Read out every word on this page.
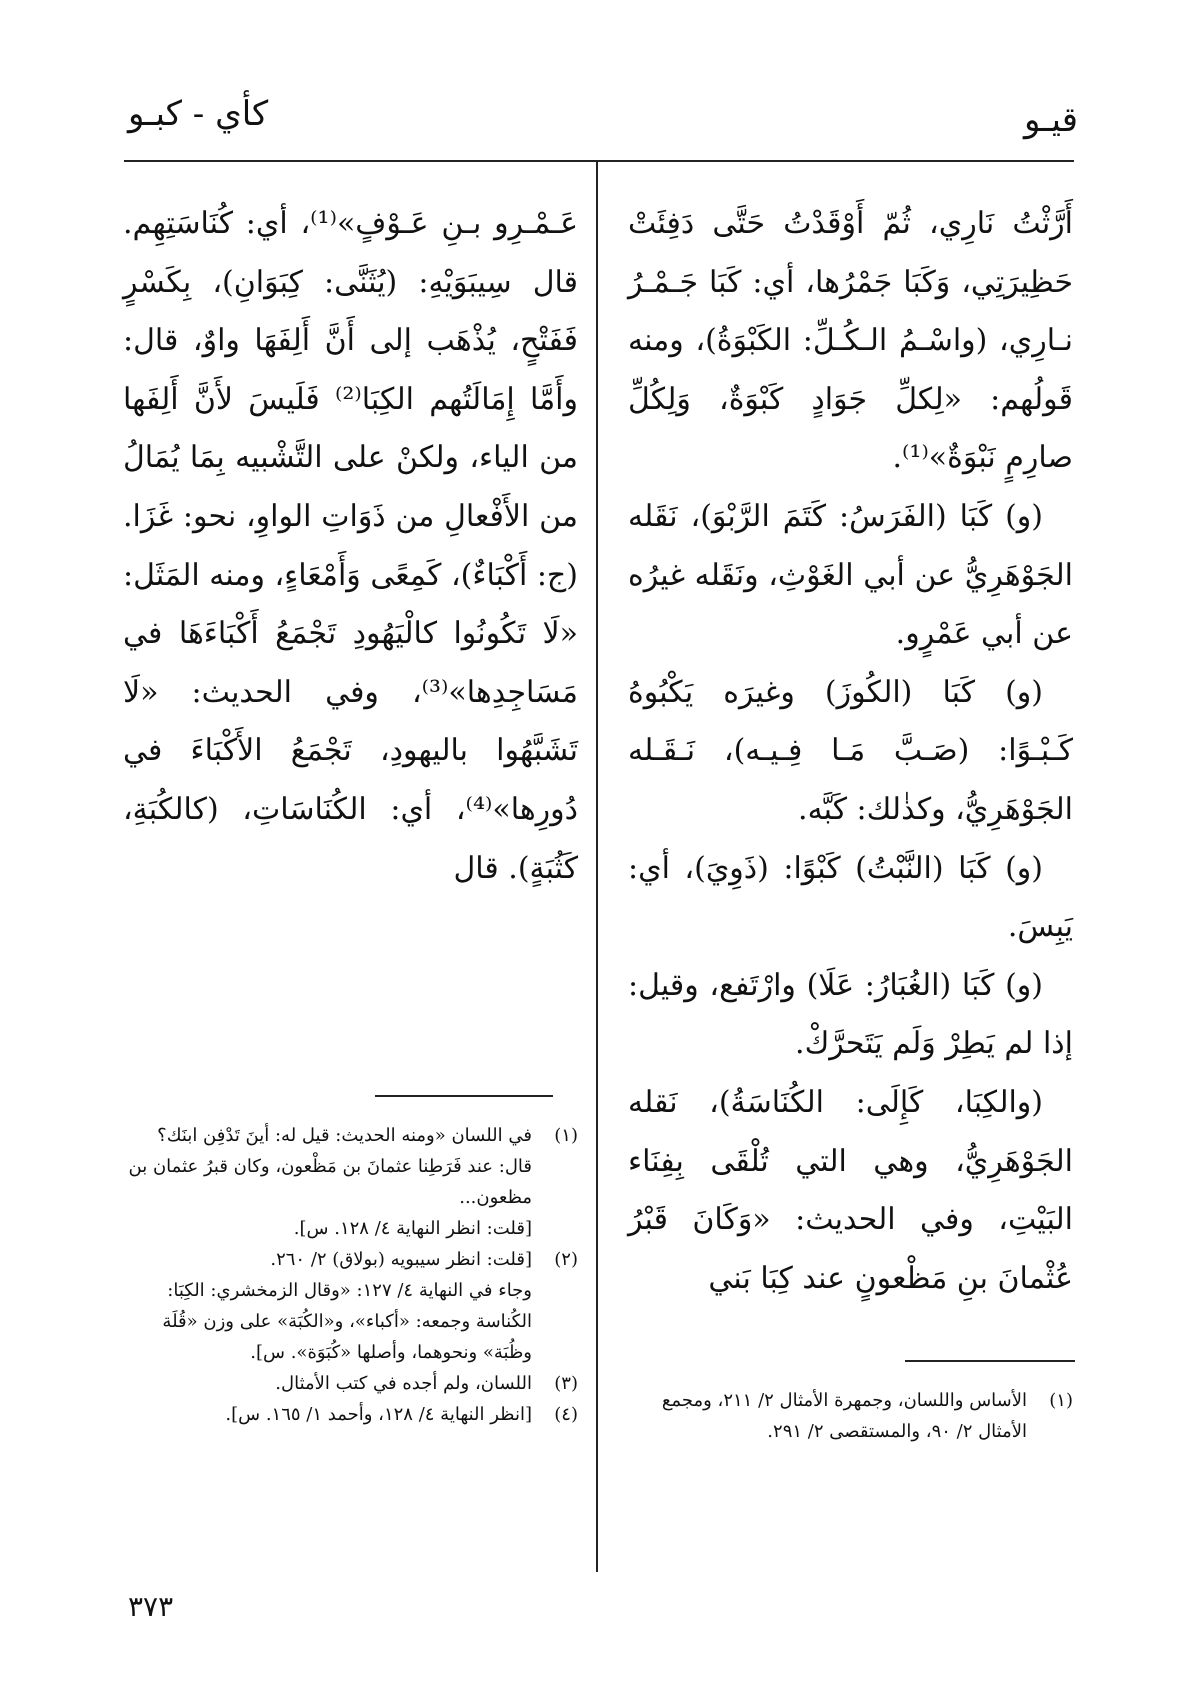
قيـو
كأي - كبـو

أَرَّثْتُ نَارِي، ثُمّ أَوْقَدْتُ حَتَّى دَفِئَتْ حَظِيرَتِي، وَكَبَا جَمْرُها، أي: كَبَا جَـمْـرُ نـارِي، (واسْـمُ الـكُـلِّ: الكَبْوَةُ)، ومنه قَولُهم: «لِكلِّ جَوَادٍ كَبْوَةٌ، وَلِكُلِّ صارِمٍ نَبْوَةٌ»⁽¹⁾.

(و) كَبَا (الفَرَسُ: كَتَمَ الرَّبْوَ)، نَقَله الجَوْهَرِيُّ عن أبي الغَوْثِ، ونَقَله غيرُه عن أبي عَمْرٍو.

(و) كَبَا (الكُوزَ) وغيرَه يَكْبُوهُ كَـبْـوًا: (صَـبَّ مَـا فِـيـه)، نَـقَـله الجَوْهَرِيُّ، وكذٰلك: كَبَّه.

(و) كَبَا (النَّبْتُ) كَبْوًا: (ذَوِيَ)، أي: يَبِسَ.

(و) كَبَا (الغُبَارُ: عَلَا) وارْتَفع، وقيل: إذا لم يَطِرْ وَلَم يَتَحرَّكْ.

(والكِبَا، كَإِلَى: الكُنَاسَةُ)، نَقله الجَوْهَرِيُّ، وهي التي تُلْقَى بِفِنَاء البَيْتِ، وفي الحديث: «وَكَانَ قَبْرُ عُثْمانَ بنِ مَظْعونٍ عند كِبَا بَني

عَـمْـرِو بـنِ عَـوْفٍ»⁽¹⁾، أي: كُنَاسَتِهِم. قال سِيبَوَيْهِ: (يُثَنَّى: كِبَوَانِ)، بِكَسْرٍ فَفَتْحٍ، يُذْهَب إلى أَنَّ أَلِفَهَا واوٌ، قال: وأَمَّا إِمَالَتُهم الكِبَا⁽²⁾ فَلَيسَ لأَنَّ أَلِفَها من الياء، ولكنْ على التَّشْبيه بِمَا يُمَالُ من الأَفْعالِ من ذَوَاتِ الواوِ، نحو: غَزَا. (ج: أَكْبَاءٌ)، كَمِعًى وَأَمْعَاءٍ، ومنه المَثَل: «لَا تَكُونُوا كالْيَهُودِ تَجْمَعُ أَكْبَاءَهَا في مَسَاجِدِها»⁽³⁾، وفي الحديث: «لَا تَشَبَّهُوا باليهودِ، تَجْمَعُ الأَكْبَاءَ في دُورِها»⁽⁴⁾، أي: الكُنَاسَاتِ، (كالكُبَةِ، كَثُبَةٍ). قال

(١)الأساس واللسان، وجمهرة الأمثال ٢/ ٢١١، ومجمع الأمثال ٢/ ٩٠، والمستقصى ٢/ ٢٩١.
(١)في اللسان «ومنه الحديث: قيل له: أينَ تَدْفِن ابنَك؟ قال: عند فَرَطِنا عثمانَ بن مَظْعون، وكان قبرُ عثمان بن مظعون...
[قلت: انظر النهاية ٤/ ١٢٨. س].
(٢)[قلت: انظر سيبويه (بولاق) ٢/ ٢٦٠.
وجاء في النهاية ٤/ ١٢٧: «وقال الزمخشري: الكِبَا: الكُناسة وجمعه: «أكباء»، و«الكُبَة» على وزن «قُلَة وظُبَة» ونحوهما، وأصلها «كُبَوَة». س].
(٣)اللسان، ولم أجده في كتب الأمثال.
(٤)[انظر النهاية ٤/ ١٢٨، وأحمد ١/ ١٦٥. س].
٣٧٣
